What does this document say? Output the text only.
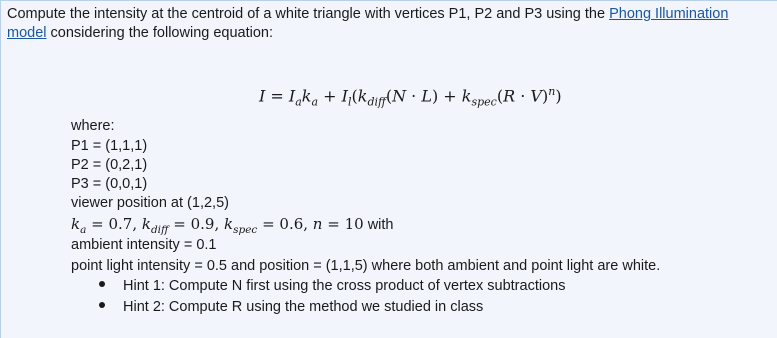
Compute the intensity at the centroid of a white triangle with vertices P1, P2 and P3 using the Phong Illumination model considering the following equation:
$I = I_ak_a + I_l(k_{diff}(N \cdot L) + k_{spec}(R \cdot V)^n)$
where:
P1 = (1,1,1)
P2 = (0,2,1)
P3 = (0,0,1)
viewer position at (1,2,5)
$k_a = 0.7$, $k_{diff} = 0.9$, $k_{spec} = 0.6$, n = 10 with
ambient intensity = 0.1
point light intensity = 0.5 and position = (1,1,5) where both ambient and point light are white.
Hint 1: Compute N first using the cross product of vertex subtractions
Hint 2: Compute R using the method we studied in class
